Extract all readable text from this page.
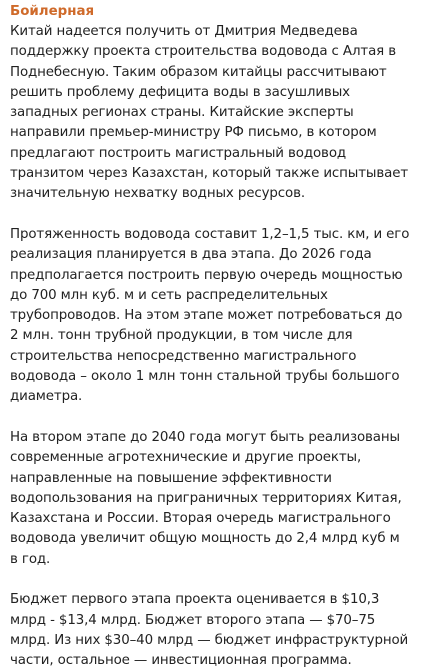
Бойлерная

Китай надеется получить от Дмитрия Медведева поддержку проекта строительства водовода с Алтая в Поднебесную. Таким образом китайцы рассчитывают решить проблему дефицита воды в засушливых западных регионах страны. Китайские эксперты направили премьер-министру РФ письмо, в котором предлагают построить магистральный водовод транзитом через Казахстан, который также испытывает значительную нехватку водных ресурсов.

Протяженность водовода составит 1,2–1,5 тыс. км, и его реализация планируется в два этапа. До 2026 года предполагается построить первую очередь мощностью до 700 млн куб. м и сеть распределительных трубопроводов. На этом этапе может потребоваться до 2 млн. тонн трубной продукции, в том числе для строительства непосредственно магистрального водовода – около 1 млн тонн стальной трубы большого диаметра.

На втором этапе до 2040 года могут быть реализованы современные агротехнические и другие проекты, направленные на повышение эффективности водопользования на приграничных территориях Китая, Казахстана и России. Вторая очередь магистрального водовода увеличит общую мощность до 2,4 млрд куб м в год.

Бюджет первого этапа проекта оценивается в $10,3 млрд - $13,4 млрд. Бюджет второго этапа — $70–75 млрд. Из них $30–40 млрд — бюджет инфраструктурной части, остальное — инвестиционная программа.
